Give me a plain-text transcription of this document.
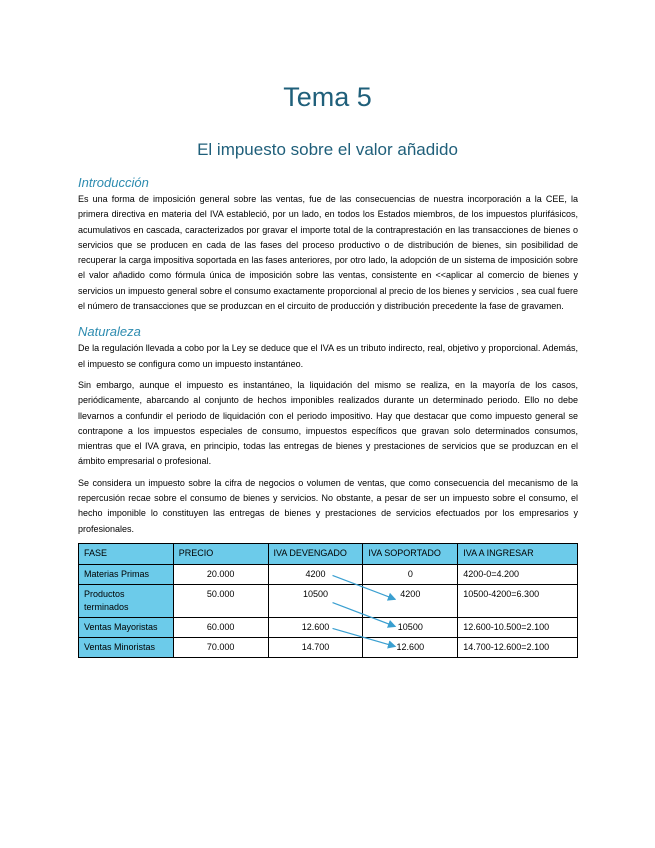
Tema 5
El impuesto sobre el valor añadido
Introducción

Es una forma de imposición general sobre las ventas, fue de las consecuencias de nuestra incorporación a la CEE, la primera directiva en materia del IVA estableció, por un lado, en todos los Estados miembros, de los impuestos plurifásicos, acumulativos en cascada, caracterizados por gravar el importe total de la contraprestación en las transacciones de bienes o servicios que se producen en cada de las fases del proceso productivo o de distribución de bienes, sin posibilidad de recuperar la carga impositiva soportada en las fases anteriores, por otro lado, la adopción de un sistema de imposición sobre el valor añadido como fórmula única de imposición sobre las ventas, consistente en <<aplicar al comercio de bienes y servicios un impuesto general sobre el consumo exactamente proporcional al precio de los bienes y servicios , sea cual fuere el número de transacciones que se produzcan en el circuito de producción y distribución precedente la fase de gravamen.

Naturaleza

De la regulación llevada a cobo por la Ley se deduce que el IVA es un tributo indirecto, real, objetivo y proporcional. Además, el impuesto se configura como un impuesto instantáneo.

Sin embargo, aunque el impuesto es instantáneo, la liquidación del mismo se realiza, en la mayoría de los casos, periódicamente, abarcando al conjunto de hechos imponibles realizados durante un determinado periodo. Ello no debe llevarnos a confundir el periodo de liquidación con el periodo impositivo. Hay que destacar que como impuesto general se contrapone a los impuestos especiales de consumo, impuestos específicos que gravan solo determinados consumos, mientras que el IVA grava, en principio, todas las entregas de bienes y prestaciones de servicios que se produzcan en el ámbito empresarial o profesional.

Se considera un impuesto sobre la cifra de negocios o volumen de ventas, que como consecuencia del mecanismo de la repercusión recae sobre el consumo de bienes y servicios. No obstante, a pesar de ser un impuesto sobre el consumo, el hecho imponible lo constituyen las entregas de bienes y prestaciones de servicios efectuados por los empresarios y profesionales.

FASE	PRECIO	IVA DEVENGADO	IVA SOPORTADO	IVA A INGRESAR
Materias Primas	20.000	4200	0	4200-0=4.200
Productos terminados	50.000	10500	4200	10500-4200=6.300
Ventas Mayoristas	60.000	12.600	10500	12.600-10.500=2.100
Ventas Minoristas	70.000	14.700	12.600	14.700-12.600=2.100
